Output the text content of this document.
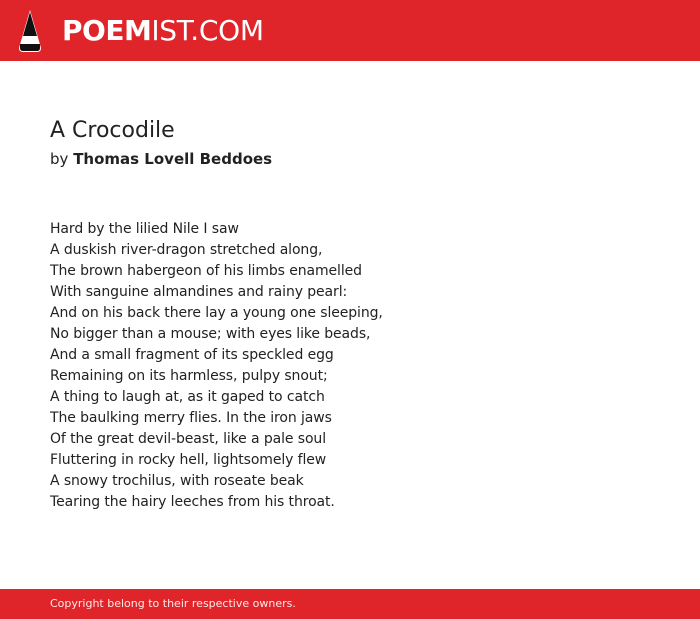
POEMIST.COM
A Crocodile
by Thomas Lovell Beddoes
Hard by the lilied Nile I saw
A duskish river-dragon stretched along,
The brown habergeon of his limbs enamelled
With sanguine almandines and rainy pearl:
And on his back there lay a young one sleeping,
No bigger than a mouse; with eyes like beads,
And a small fragment of its speckled egg
Remaining on its harmless, pulpy snout;
A thing to laugh at, as it gaped to catch
The baulking merry flies. In the iron jaws
Of the great devil-beast, like a pale soul
Fluttering in rocky hell, lightsomely flew
A snowy trochilus, with roseate beak
Tearing the hairy leeches from his throat.
Copyright belong to their respective owners.
